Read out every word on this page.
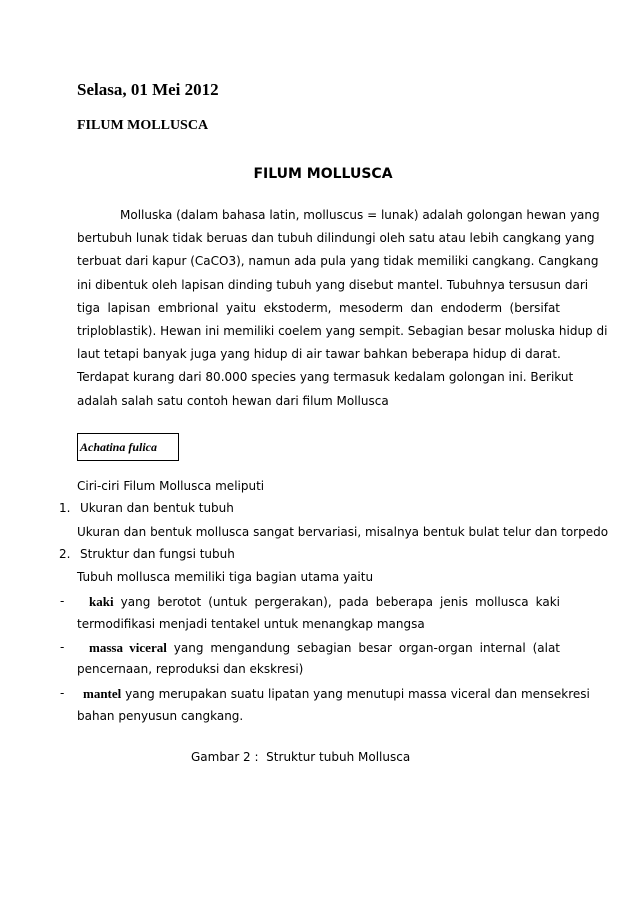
Selasa, 01 Mei 2012
FILUM MOLLUSCA
FILUM MOLLUSCA
Molluska (dalam bahasa latin, molluscus = lunak) adalah golongan hewan yang
bertubuh lunak tidak beruas dan tubuh dilindungi oleh satu atau lebih cangkang yang
terbuat dari kapur (CaCO3), namun ada pula yang tidak memiliki cangkang. Cangkang
ini dibentuk oleh lapisan dinding tubuh yang disebut mantel. Tubuhnya tersusun dari
tiga lapisan embrional yaitu ekstoderm, mesoderm dan endoderm (bersifat
triploblastik). Hewan ini memiliki coelem yang sempit. Sebagian besar moluska hidup di
laut tetapi banyak juga yang hidup di air tawar bahkan beberapa hidup di darat.
Terdapat kurang dari 80.000 species yang termasuk kedalam golongan ini. Berikut
adalah salah satu contoh hewan dari filum Mollusca
Achatina fulica
Ciri-ciri Filum Mollusca meliputi
1. Ukuran dan bentuk tubuh
Ukuran dan bentuk mollusca sangat bervariasi, misalnya bentuk bulat telur dan torpedo
2. Struktur dan fungsi tubuh
Tubuh mollusca memiliki tiga bagian utama yaitu
-	kaki yang berotot (untuk pergerakan), pada beberapa jenis mollusca kaki
termodifikasi menjadi tentakel untuk menangkap mangsa
-	massa viceral yang mengandung sebagian besar organ-organ internal (alat
pencernaan, reproduksi dan ekskresi)
-	mantel yang merupakan suatu lipatan yang menutupi massa viceral dan mensekresi
bahan penyusun cangkang.
Gambar 2 :  Struktur tubuh Mollusca
